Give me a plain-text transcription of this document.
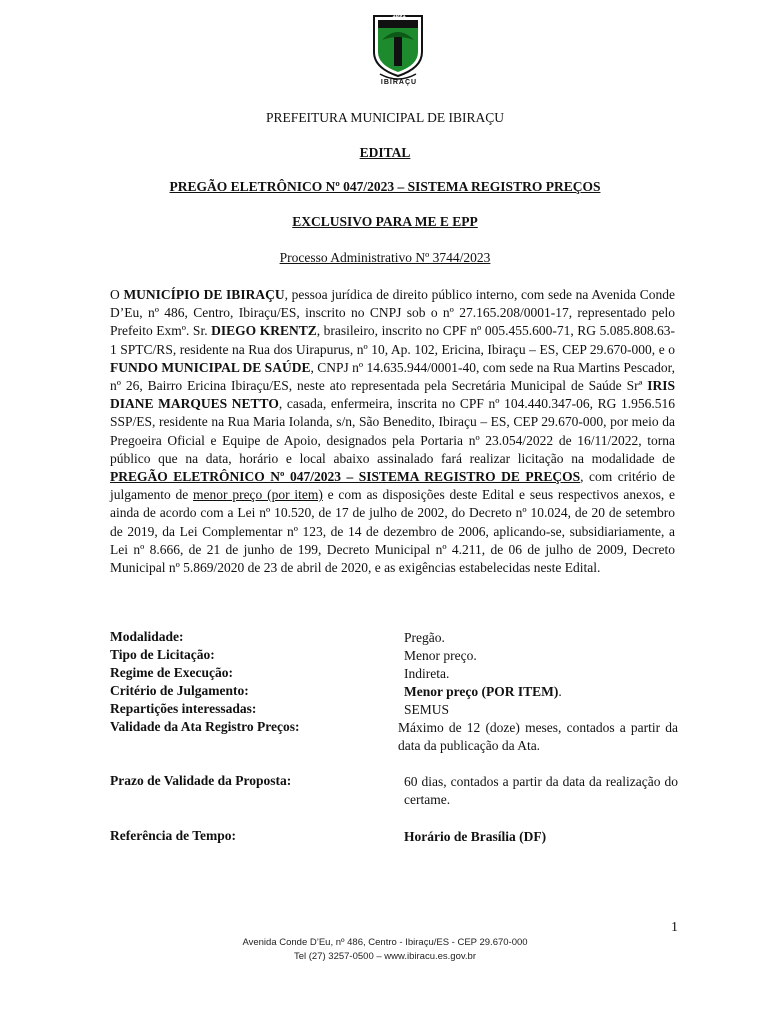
1891
IBIRAÇU
PREFEITURA MUNICIPAL DE IBIRAÇU
EDITAL
PREGÃO ELETRÔNICO Nº 047/2023 – SISTEMA REGISTRO PREÇOS
EXCLUSIVO PARA ME E EPP
Processo Administrativo Nº 3744/2023

O MUNICÍPIO DE IBIRAÇU, pessoa jurídica de direito público interno, com sede na Avenida Conde D’Eu, nº 486, Centro, Ibiraçu/ES, inscrito no CNPJ sob o nº 27.165.208/0001-17, representado pelo Prefeito Exmº. Sr. DIEGO KRENTZ, brasileiro, inscrito no CPF nº 005.455.600-71, RG 5.085.808.63-1 SPTC/RS, residente na Rua dos Uirapurus, nº 10, Ap. 102, Ericina, Ibiraçu – ES, CEP 29.670-000, e o FUNDO MUNICIPAL DE SAÚDE, CNPJ nº 14.635.944/0001-40, com sede na Rua Martins Pescador, nº 26, Bairro Ericina Ibiraçu/ES, neste ato representada pela Secretária Municipal de Saúde Srª IRIS DIANE MARQUES NETTO, casada, enfermeira, inscrita no CPF nº 104.440.347-06, RG 1.956.516 SSP/ES, residente na Rua Maria Iolanda, s/n, São Benedito, Ibiraçu – ES, CEP 29.670-000, por meio da Pregoeira Oficial e Equipe de Apoio, designados pela Portaria nº 23.054/2022 de 16/11/2022, torna público que na data, horário e local abaixo assinalado fará realizar licitação na modalidade de PREGÃO ELETRÔNICO Nº 047/2023 – SISTEMA REGISTRO DE PREÇOS, com critério de julgamento de menor preço (por item) e com as disposições deste Edital e seus respectivos anexos, e ainda de acordo com a Lei nº 10.520, de 17 de julho de 2002, do Decreto nº 10.024, de 20 de setembro de 2019, da Lei Complementar nº 123, de 14 de dezembro de 2006, aplicando-se, subsidiariamente, a Lei nº 8.666, de 21 de junho de 199, Decreto Municipal nº 4.211, de 06 de julho de 2009, Decreto Municipal nº 5.869/2020 de 23 de abril de 2020, e as exigências estabelecidas neste Edital.

Modalidade:	Pregão.
Tipo de Licitação:	Menor preço.
Regime de Execução:	Indireta.
Critério de Julgamento:	Menor preço (POR ITEM).
Repartições interessadas:	SEMUS
Validade da Ata Registro Preços:	Máximo de 12 (doze) meses, contados a partir da data da publicação da Ata.
Prazo de Validade da Proposta:	60 dias, contados a partir da data da realização do certame.
Referência de Tempo:	Horário de Brasília (DF)
1
Avenida Conde D’Eu, nº 486, Centro - Ibiraçu/ES - CEP 29.670-000
Tel (27) 3257-0500 – www.ibiracu.es.gov.br
